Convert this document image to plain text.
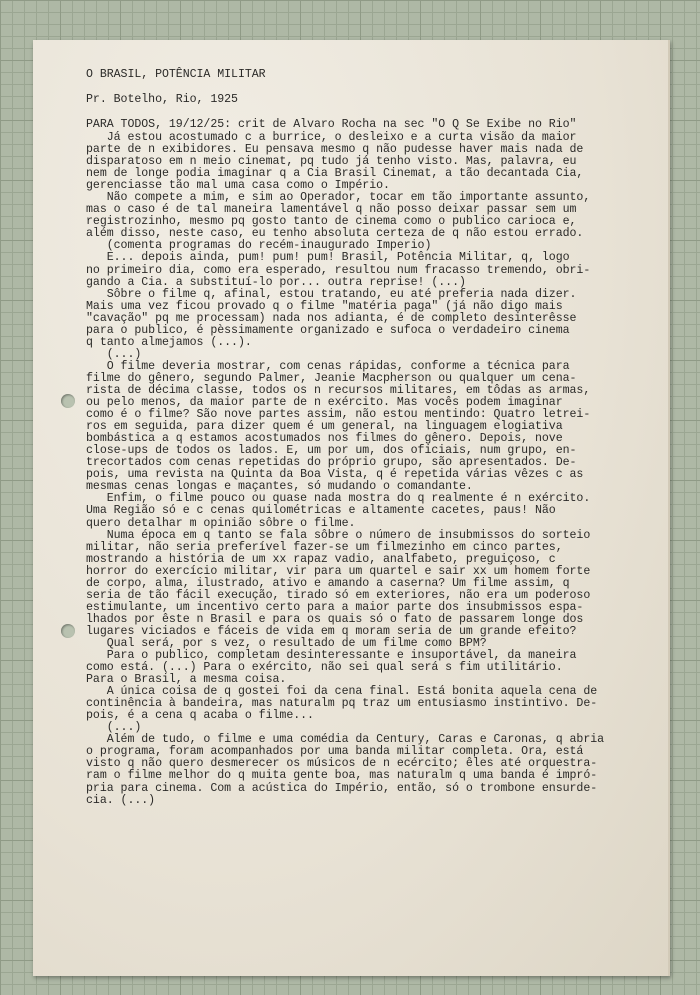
O BRASIL, POTÊNCIA MILITAR
Pr. Botelho, Rio, 1925
PARA TODOS, 19/12/25: crit de Alvaro Rocha na sec "O Q Se Exibe no Rio"
Já estou acostumado c a burrice, o desleixo e a curta visão da maior
parte de n exibidores. Eu pensava mesmo q não pudesse haver mais nada de
disparatoso em n meio cinemat, pq tudo já tenho visto. Mas, palavra, eu
nem de longe podia imaginar q a Cia Brasil Cinemat, a tão decantada Cia,
gerenciasse tão mal uma casa como o Império.
Não compete a mim, e sim ao Operador, tocar em tão importante assunto,
mas o caso é de tal maneira lamentável q não posso deixar passar sem um
registrozinho, mesmo pq gosto tanto de cinema como o publico carioca e,
além disso, neste caso, eu tenho absoluta certeza de q não estou errado.
(comenta programas do recém-inaugurado Imperio)
E... depois ainda, pum! pum! pum! Brasil, Potência Militar, q, logo
no primeiro dia, como era esperado, resultou num fracasso tremendo, obri-
gando a Cia. a substituí-lo por... outra reprise! (...)
Sôbre o filme q, afinal, estou tratando, eu até preferia nada dizer.
Mais uma vez ficou provado q o filme "matéria paga" (já não digo mais
"cavação" pq me processam) nada nos adianta, é de completo desinterêsse
para o publico, é pèssimamente organizado e sufoca o verdadeiro cinema
q tanto almejamos (...).
(...)
O filme deveria mostrar, com cenas rápidas, conforme a técnica para
filme do gênero, segundo Palmer, Jeanie Macpherson ou qualquer um cena-
rista de décima classe, todos os n recursos militares, em tôdas as armas,
ou pelo menos, da maior parte de n exército. Mas vocês podem imaginar
como é o filme? São nove partes assim, não estou mentindo: Quatro letrei-
ros em seguida, para dizer quem é um general, na linguagem elogiativa
bombástica a q estamos acostumados nos filmes do gênero. Depois, nove
close-ups de todos os lados. E, um por um, dos oficiais, num grupo, en-
trecortados com cenas repetidas do próprio grupo, são apresentados. De-
pois, uma revista na Quinta da Boa Vista, q é repetida várias vêzes c as
mesmas cenas longas e maçantes, só mudando o comandante.
Enfim, o filme pouco ou quase nada mostra do q realmente é n exército.
Uma Região só e c cenas quilométricas e altamente cacetes, paus! Não
quero detalhar m opinião sôbre o filme.
Numa época em q tanto se fala sôbre o número de insubmissos do sorteio
militar, não seria preferível fazer-se um filmezinho em cinco partes,
mostrando a história de um xx rapaz vadio, analfabeto, preguiçoso, c
horror do exercício militar, vir para um quartel e sair xx um homem forte
de corpo, alma, ilustrado, ativo e amando a caserna? Um filme assim, q
seria de tão fácil execução, tirado só em exteriores, não era um poderoso
estimulante, um incentivo certo para a maior parte dos insubmissos espa-
lhados por êste n Brasil e para os quais só o fato de passarem longe dos
lugares viciados e fáceis de vida em q moram seria de um grande efeito?
Qual será, por s vez, o resultado de um filme como BPM?
Para o publico, completam desinteressante e insuportável, da maneira
como está. (...) Para o exército, não sei qual será s fim utilitário.
Para o Brasil, a mesma coisa.
A única coisa de q gostei foi da cena final. Está bonita aquela cena de
continência à bandeira, mas naturalm pq traz um entusiasmo instintivo. De-
pois, é a cena q acaba o filme...
(...)
Além de tudo, o filme e uma comédia da Century, Caras e Caronas, q abria
o programa, foram acompanhados por uma banda militar completa. Ora, está
visto q não quero desmerecer os músicos de n ecército; êles até orquestra-
ram o filme melhor do q muita gente boa, mas naturalm q uma banda é impró-
pria para cinema. Com a acústica do Império, então, só o trombone ensurde-
cia. (...)
